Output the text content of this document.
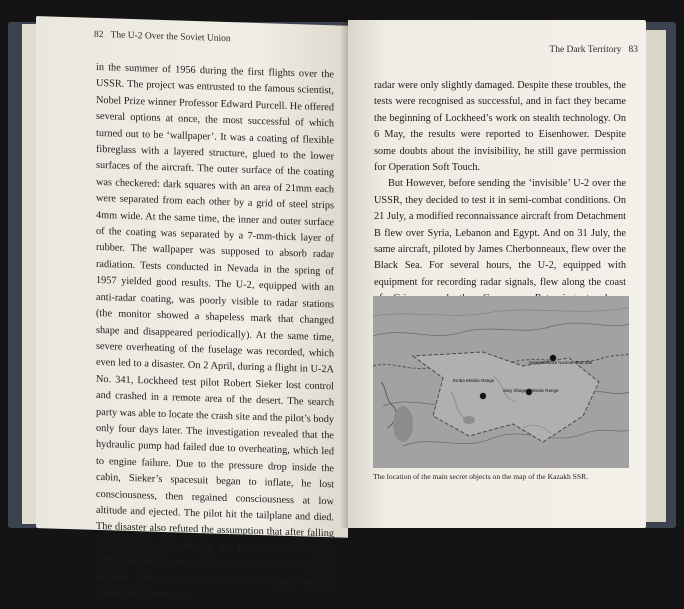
82 The U-2 Over the Soviet Union

in the summer of 1956 during the first flights over the USSR. The project was entrusted to the famous scientist, Nobel Prize winner Professor Edward Purcell. He offered several options at once, the most successful of which turned out to be ‘wallpaper’. It was a coating of flexible fibreglass with a layered structure, glued to the lower surfaces of the aircraft. The outer surface of the coating was checkered: dark squares with an area of 21mm each were separated from each other by a grid of steel strips 4mm wide. At the same time, the inner and outer surface of the coating was separated by a 7-mm-thick layer of rubber. The wallpaper was supposed to absorb radar radiation. Tests conducted in Nevada in the spring of 1957 yielded good results. The U-2, equipped with an anti-radar coating, was poorly visible to radar stations (the monitor showed a shapeless mark that changed shape and disappeared periodically). At the same time, severe overheating of the fuselage was recorded, which even led to a disaster. On 2 April, during a flight in U-2A No. 341, Lockheed test pilot Robert Sieker lost control and crashed in a remote area of the desert. The search party was able to locate the crash site and the pilot’s body only four days later. The investigation revealed that the hydraulic pump had failed due to overheating, which led to engine failure. Due to the pressure drop inside the cabin, Sieker’s spacesuit began to inflate, he lost consciousness, then regained consciousness at low altitude and ejected. The pilot hit the tailplane and died. The disaster also refuted the assumption that after falling from such a great height, the U-2 would be totally destroyed and no one would be able to determine its true purpose. The aircraft was severely deformed but the camera equipment and

The Dark Territory 83

radar were only slightly damaged. Despite these troubles, the tests were recognised as successful, and in fact they became the beginning of Lockheed’s work on stealth technology. On 6 May, the results were reported to Eisenhower. Despite some doubts about the invisibility, he still gave permission for Operation Soft Touch.

But However, before sending the ‘invisible’ U-2 over the USSR, they decided to test it in semi-combat conditions. On 21 July, a modified reconnaissance aircraft from Detachment B flew over Syria, Lebanon and Egypt. And on 31 July, the same aircraft, piloted by James Cherbonneaux, flew over the Black Sea. For several hours, the U-2, equipped with equipment for recording radar signals, flew along the coast

Semipalatinsk Nuclear Test Site
Emba Missile Range
Sary Shagan Missile Range
The location of the main secret objects on the map of the Kazakh SSR.
